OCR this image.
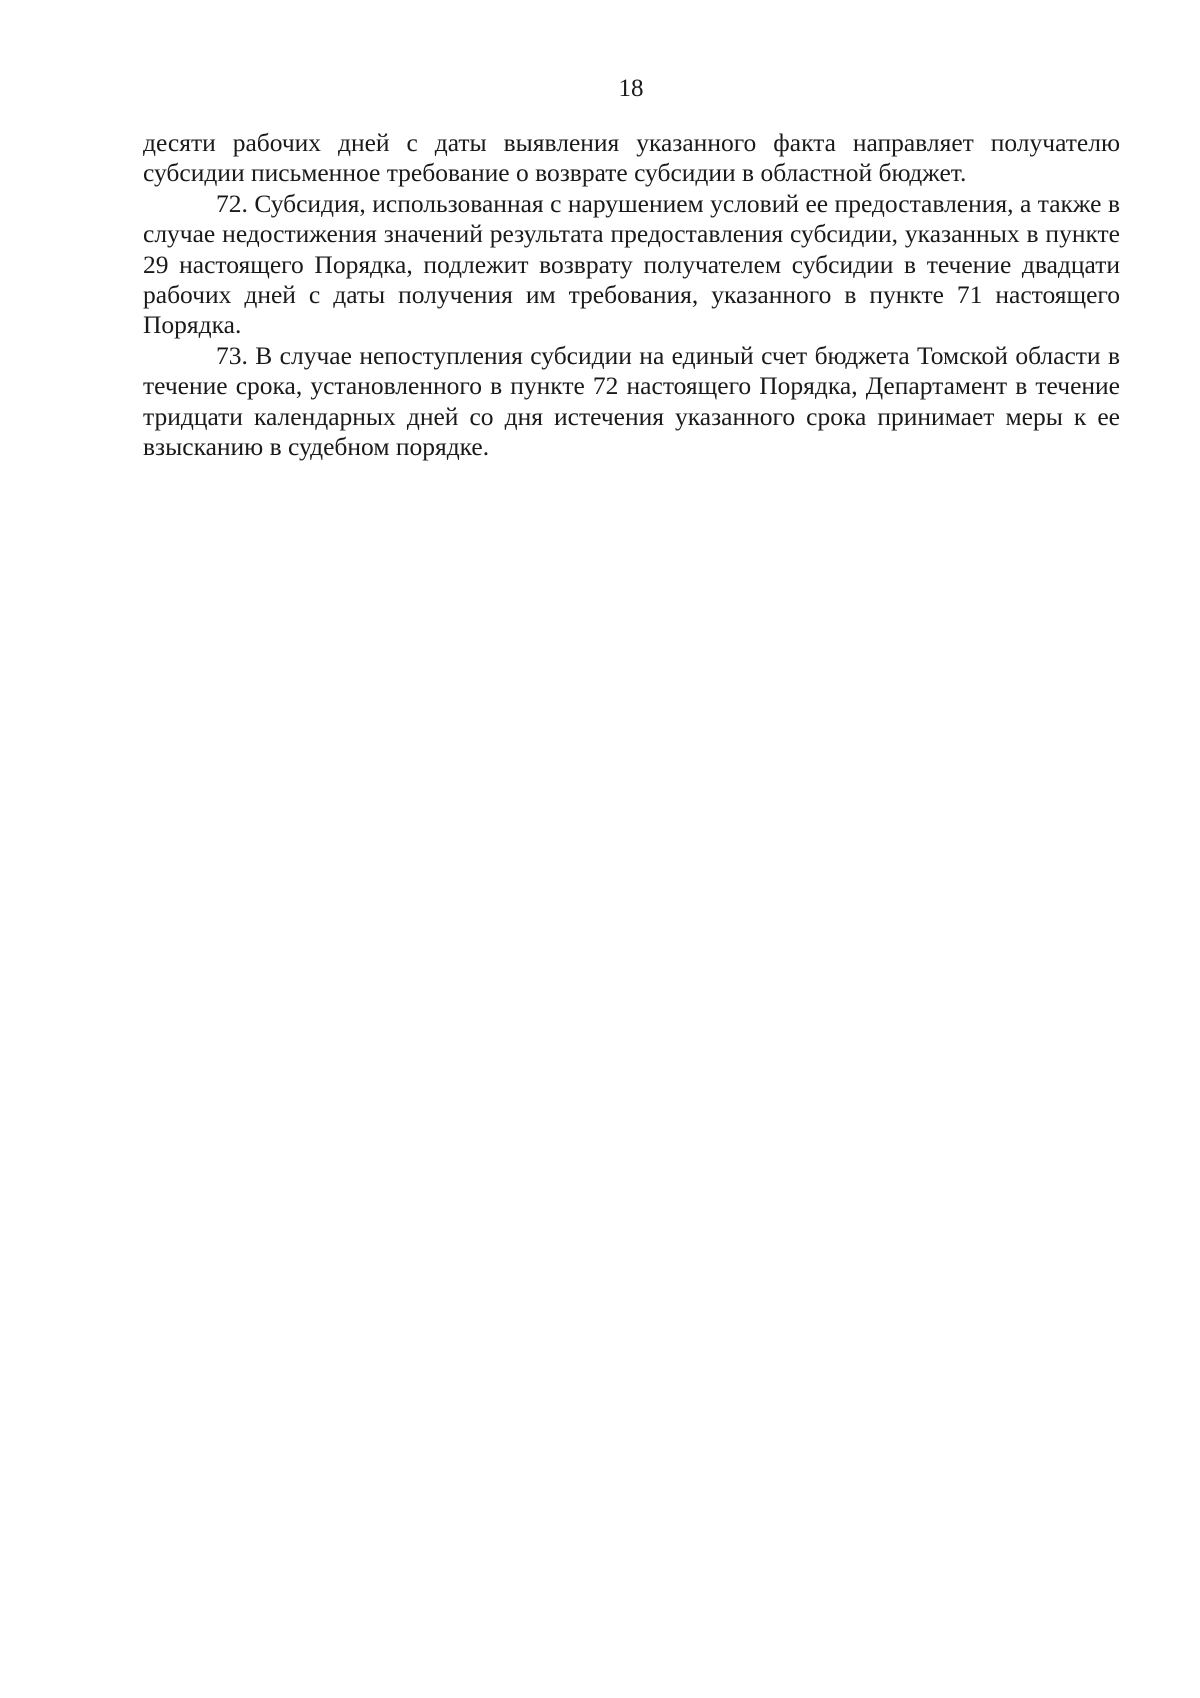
18

десяти рабочих дней с даты выявления указанного факта направляет получателю субсидии письменное требование о возврате субсидии в областной бюджет.

72. Субсидия, использованная с нарушением условий ее предоставления, а также в случае недостижения значений результата предоставления субсидии, указанных в пункте 29 настоящего Порядка, подлежит возврату получателем субсидии в течение двадцати рабочих дней с даты получения им требования, указанного в пункте 71 настоящего Порядка.

73. В случае непоступления субсидии на единый счет бюджета Томской области в течение срока, установленного в пункте 72 настоящего Порядка, Департамент в течение тридцати календарных дней со дня истечения указанного срока принимает меры к ее взысканию в судебном порядке.
